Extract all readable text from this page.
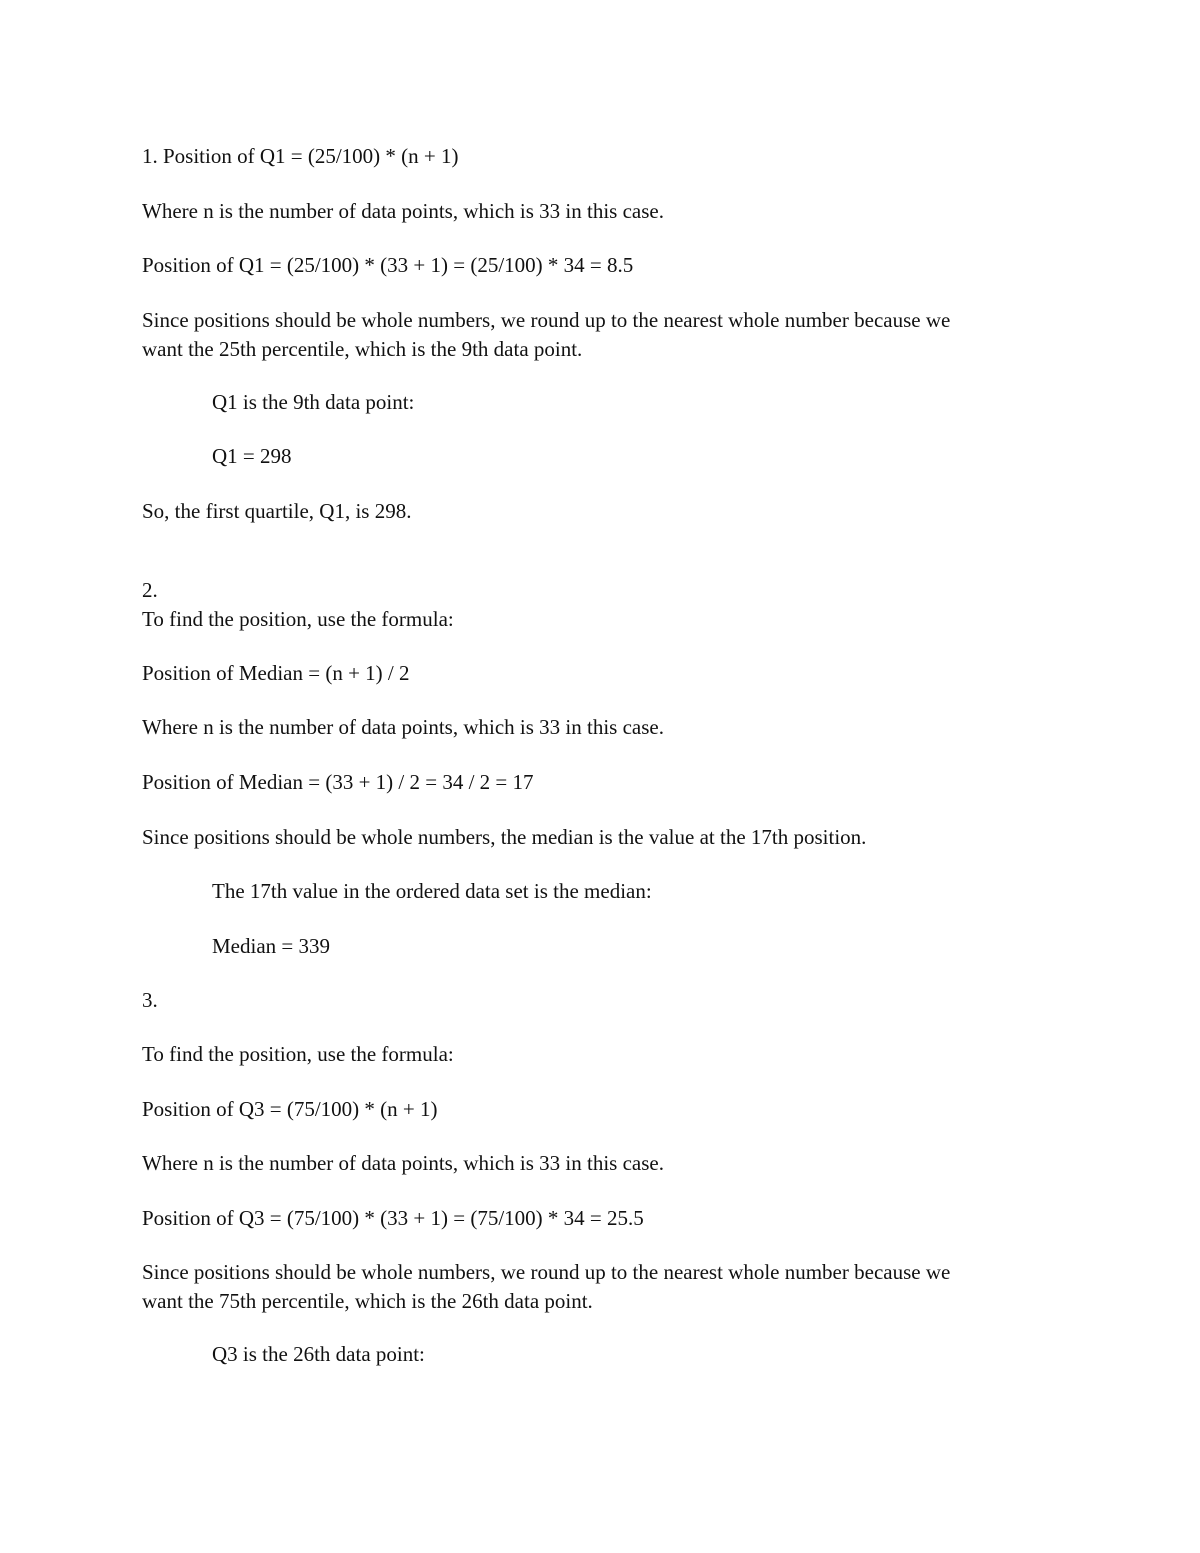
1. Position of Q1 = (25/100) * (n + 1)

Where n is the number of data points, which is 33 in this case.

Position of Q1 = (25/100) * (33 + 1) = (25/100) * 34 = 8.5

Since positions should be whole numbers, we round up to the nearest whole number because we

want the 25th percentile, which is the 9th data point.

Q1 is the 9th data point:

Q1 = 298

So, the first quartile, Q1, is 298.

2.

To find the position, use the formula:

Position of Median = (n + 1) / 2

Where n is the number of data points, which is 33 in this case.

Position of Median = (33 + 1) / 2 = 34 / 2 = 17

Since positions should be whole numbers, the median is the value at the 17th position.

The 17th value in the ordered data set is the median:

Median = 339

3.

To find the position, use the formula:

Position of Q3 = (75/100) * (n + 1)

Where n is the number of data points, which is 33 in this case.

Position of Q3 = (75/100) * (33 + 1) = (75/100) * 34 = 25.5

Since positions should be whole numbers, we round up to the nearest whole number because we

want the 75th percentile, which is the 26th data point.

Q3 is the 26th data point:
